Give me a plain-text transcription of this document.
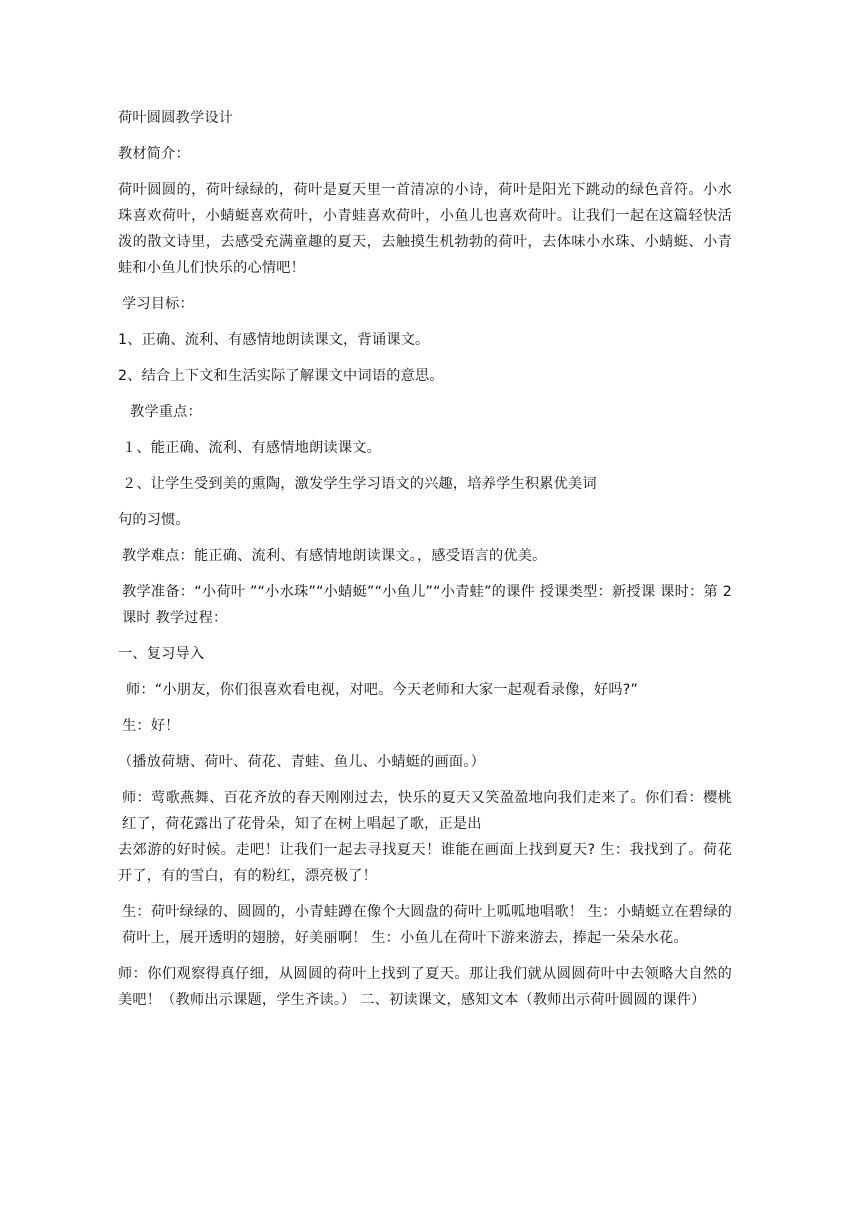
荷叶圆圆教学设计

教材简介：

荷叶圆圆的，荷叶绿绿的，荷叶是夏天里一首清凉的小诗，荷叶是阳光下跳动的绿色音符。小水珠喜欢荷叶，小蜻蜓喜欢荷叶，小青蛙喜欢荷叶，小鱼儿也喜欢荷叶。让我们一起在这篇轻快活泼的散文诗里，去感受充满童趣的夏天，去触摸生机勃勃的荷叶，去体味小水珠、小蜻蜓、小青蛙和小鱼儿们快乐的心情吧！

学习目标：

1、正确、流利、有感情地朗读课文，背诵课文。

2、结合上下文和生活实际了解课文中词语的意思。

教学重点：

１、能正确、流利、有感情地朗读课文。

２、让学生受到美的熏陶，激发学生学习语文的兴趣，培养学生积累优美词

句的习惯。

教学难点：能正确、流利、有感情地朗读课文。，感受语言的优美。

教学准备：“小荷叶 ”“小水珠”“小蜻蜓”“小鱼儿”“小青蛙”的课件 授课类型：新授课 课时：第 2 课时 教学过程：

一、复习导入

师：“小朋友，你们很喜欢看电视，对吧。今天老师和大家一起观看录像，好吗?”

生：好！

（播放荷塘、荷叶、荷花、青蛙、鱼儿、小蜻蜓的画面。）

师：莺歌燕舞、百花齐放的春天刚刚过去，快乐的夏天又笑盈盈地向我们走来了。你们看：樱桃红了，荷花露出了花骨朵，知了在树上唱起了歌，正是出

去郊游的好时候。走吧！让我们一起去寻找夏天！谁能在画面上找到夏天? 生：我找到了。荷花开了，有的雪白，有的粉红，漂亮极了！

生：荷叶绿绿的、圆圆的，小青蛙蹲在像个大圆盘的荷叶上呱呱地唱歌！ 生：小蜻蜓立在碧绿的荷叶上，展开透明的翅膀，好美丽啊！ 生：小鱼儿在荷叶下游来游去，捧起一朵朵水花。

师：你们观察得真仔细，从圆圆的荷叶上找到了夏天。那让我们就从圆圆荷叶中去领略大自然的美吧！（教师出示课题，学生齐读。） 二、初读课文，感知文本（教师出示荷叶圆圆的课件）
